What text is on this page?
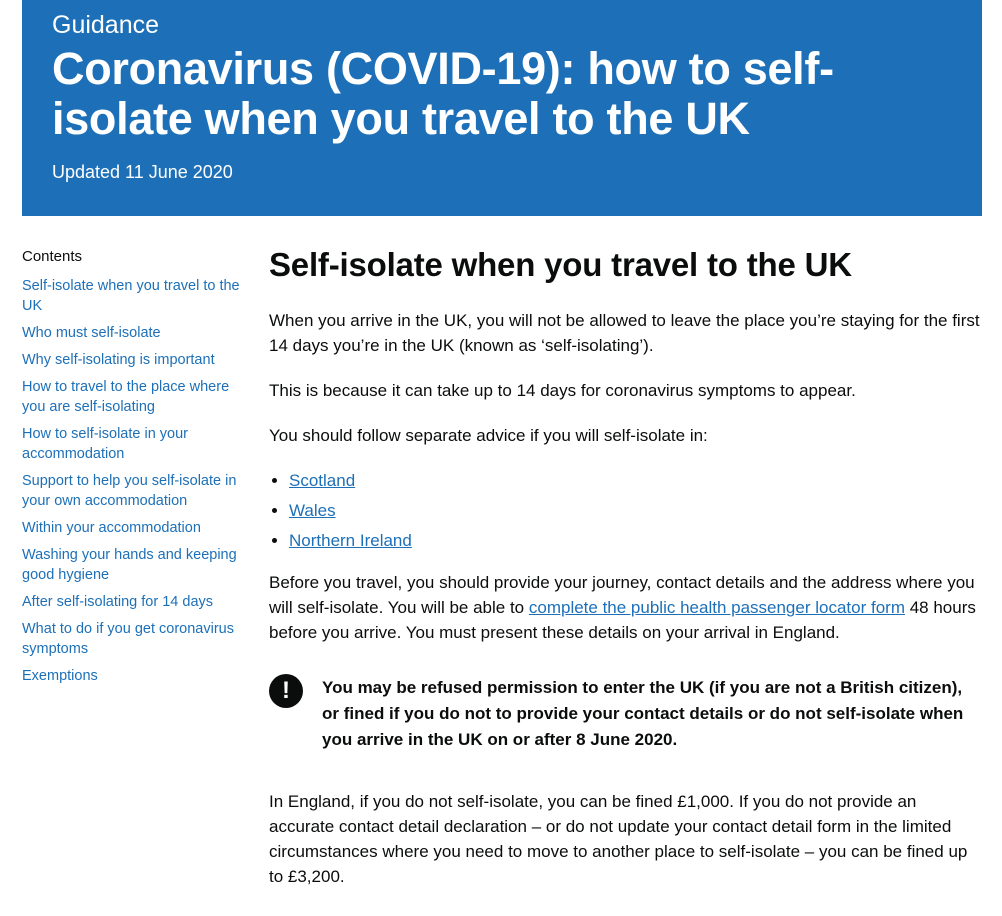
Guidance
Coronavirus (COVID-19): how to self-isolate when you travel to the UK
Updated 11 June 2020
Contents
Self-isolate when you travel to the UK
Who must self-isolate
Why self-isolating is important
How to travel to the place where you are self-isolating
How to self-isolate in your accommodation
Support to help you self-isolate in your own accommodation
Within your accommodation
Washing your hands and keeping good hygiene
After self-isolating for 14 days
What to do if you get coronavirus symptoms
Exemptions
Self-isolate when you travel to the UK

When you arrive in the UK, you will not be allowed to leave the place you’re staying for the first 14 days you’re in the UK (known as ‘self-isolating’).

This is because it can take up to 14 days for coronavirus symptoms to appear.

You should follow separate advice if you will self-isolate in:

• Scotland
• Wales
• Northern Ireland

Before you travel, you should provide your journey, contact details and the address where you will self-isolate. You will be able to complete the public health passenger locator form 48 hours before you arrive. You must present these details on your arrival in England.

!	You may be refused permission to enter the UK (if you are not a British citizen), or fined if you do not to provide your contact details or do not self-isolate when you arrive in the UK on or after 8 June 2020.

In England, if you do not self-isolate, you can be fined £1,000. If you do not provide an accurate contact detail declaration – or do not update your contact detail form in the limited circumstances where you need to move to another place to self-isolate – you can be fined up to £3,200.
